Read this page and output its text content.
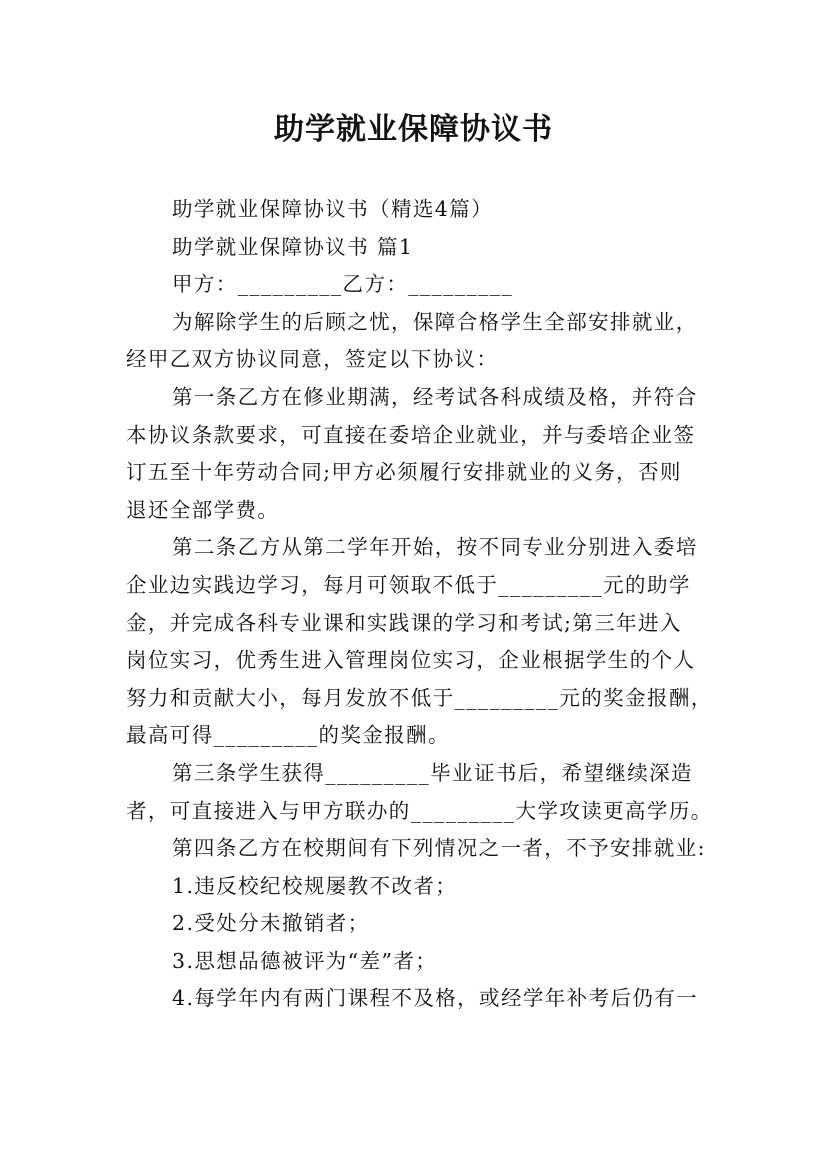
助学就业保障协议书
助学就业保障协议书（精选4篇）
助学就业保障协议书 篇1
甲方：_________乙方：_________
为解除学生的后顾之忧，保障合格学生全部安排就业，
经甲乙双方协议同意，签定以下协议：
第一条乙方在修业期满，经考试各科成绩及格，并符合
本协议条款要求，可直接在委培企业就业，并与委培企业签
订五至十年劳动合同;甲方必须履行安排就业的义务，否则
退还全部学费。
第二条乙方从第二学年开始，按不同专业分别进入委培
企业边实践边学习，每月可领取不低于_________元的助学
金，并完成各科专业课和实践课的学习和考试;第三年进入
岗位实习，优秀生进入管理岗位实习，企业根据学生的个人
努力和贡献大小，每月发放不低于_________元的奖金报酬，
最高可得_________的奖金报酬。
第三条学生获得_________毕业证书后，希望继续深造
者，可直接进入与甲方联办的_________大学攻读更高学历。
第四条乙方在校期间有下列情况之一者，不予安排就业:
1.违反校纪校规屡教不改者；
2.受处分未撤销者；
3.思想品德被评为“差”者；
4.每学年内有两门课程不及格，或经学年补考后仍有一
